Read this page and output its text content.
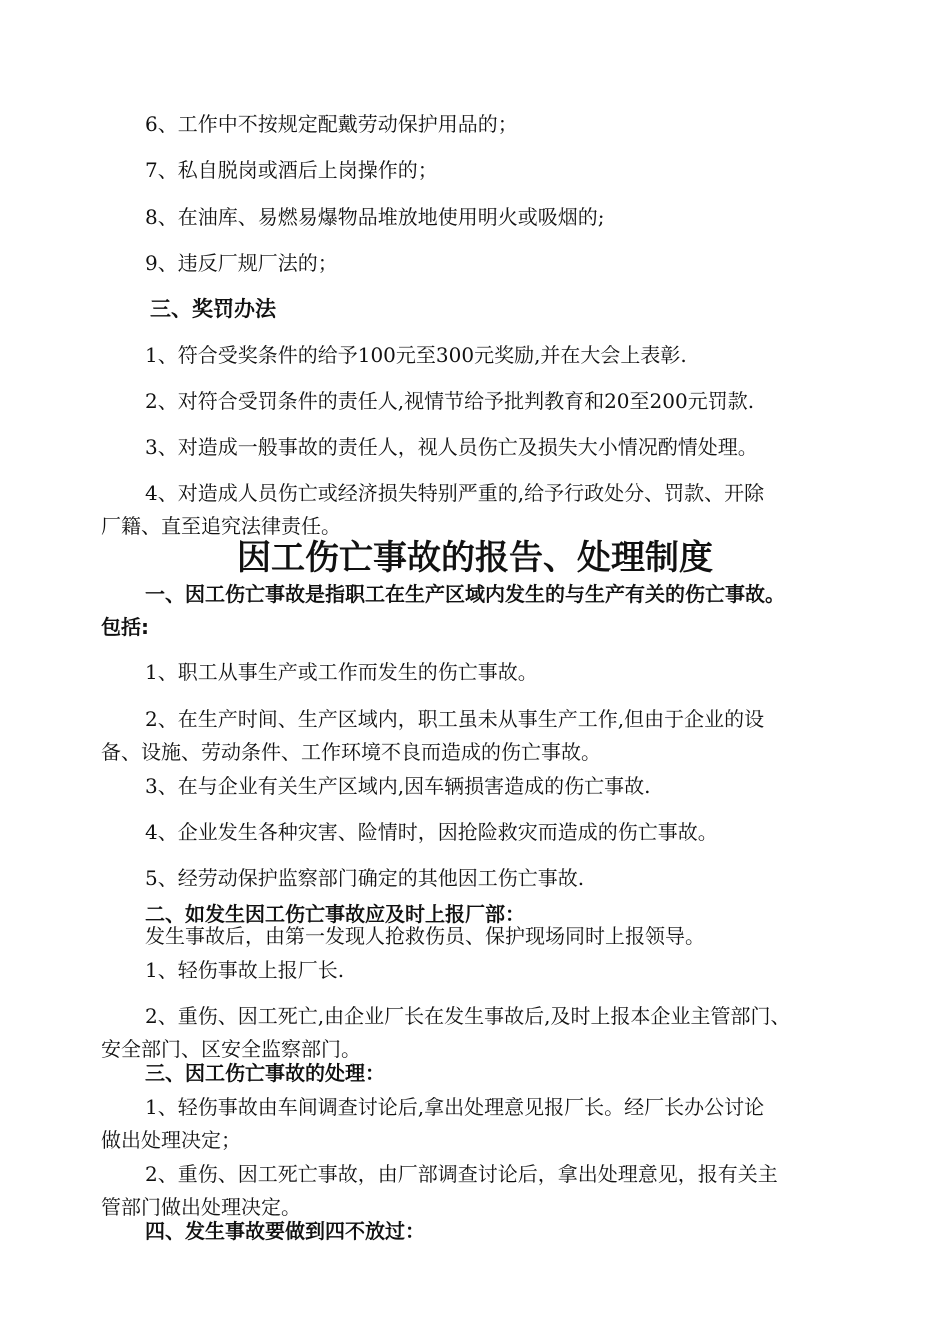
6、工作中不按规定配戴劳动保护用品的；
7、私自脱岗或酒后上岗操作的；
8、在油库、易燃易爆物品堆放地使用明火或吸烟的;
9、违反厂规厂法的；
三、奖罚办法
1、符合受奖条件的给予100元至300元奖励,并在大会上表彰.
2、对符合受罚条件的责任人,视情节给予批判教育和20至200元罚款.
3、对造成一般事故的责任人，视人员伤亡及损失大小情况酌情处理。
4、对造成人员伤亡或经济损失特别严重的,给予行政处分、罚款、开除
厂籍、直至追究法律责任。
因工伤亡事故的报告、处理制度
一、因工伤亡事故是指职工在生产区域内发生的与生产有关的伤亡事故。
包括:
1、职工从事生产或工作而发生的伤亡事故。
2、在生产时间、生产区域内，职工虽未从事生产工作,但由于企业的设
备、设施、劳动条件、工作环境不良而造成的伤亡事故。
3、在与企业有关生产区域内,因车辆损害造成的伤亡事故.
4、企业发生各种灾害、险情时，因抢险救灾而造成的伤亡事故。
5、经劳动保护监察部门确定的其他因工伤亡事故.
二、如发生因工伤亡事故应及时上报厂部：
发生事故后，由第一发现人抢救伤员、保护现场同时上报领导。
1、轻伤事故上报厂长.
2、重伤、因工死亡,由企业厂长在发生事故后,及时上报本企业主管部门、
安全部门、区安全监察部门。
三、因工伤亡事故的处理：
1、轻伤事故由车间调查讨论后,拿出处理意见报厂长。经厂长办公讨论
做出处理决定；
2、重伤、因工死亡事故，由厂部调查讨论后，拿出处理意见，报有关主
管部门做出处理决定。
四、发生事故要做到四不放过：
